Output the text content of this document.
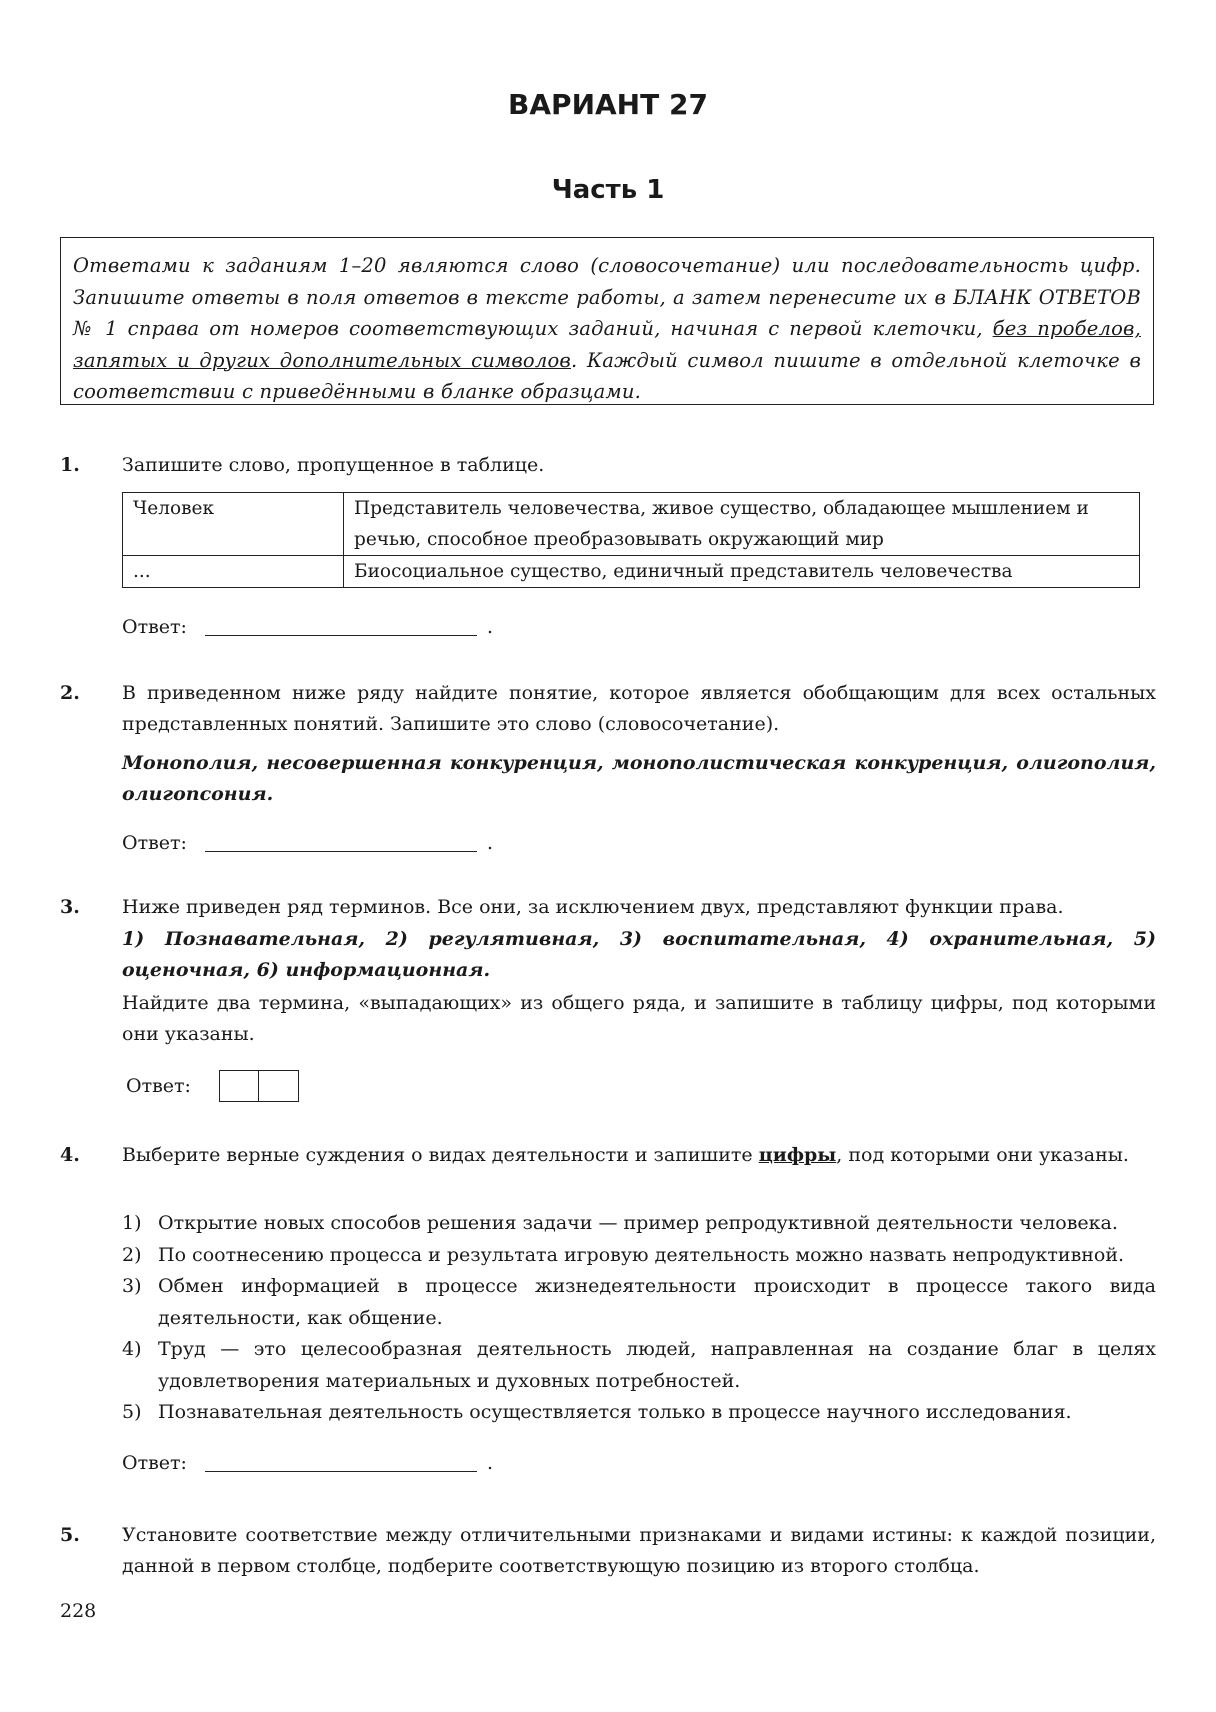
ВАРИАНТ 27
Часть 1
Ответами к заданиям 1–20 являются слово (словосочетание) или последовательность цифр. Запишите ответы в поля ответов в тексте работы, а затем перенесите их в БЛАНК ОТВЕТОВ № 1 справа от номеров соответствующих заданий, начиная с первой клеточки, без пробелов, запятых и других дополнительных символов. Каждый символ пишите в отдельной клеточке в соответствии с приведёнными в бланке образцами.
1. Запишите слово, пропущенное в таблице.
Человек	Представитель человечества, живое существо, обладающее мышлением и речью, способное преобразовывать окружающий мир
...	Биосоциальное существо, единичный представитель человечества
Ответ:	.
2. В приведенном ниже ряду найдите понятие, которое является обобщающим для всех остальных представленных понятий. Запишите это слово (словосочетание).
Монополия, несовершенная конкуренция, монополистическая конкуренция, олигополия, олигопсония.
Ответ:	.
3. Ниже приведен ряд терминов. Все они, за исключением двух, представляют функции права.
1) Познавательная, 2) регулятивная, 3) воспитательная, 4) охранительная, 5) оценочная, 6) информационная.
Найдите два термина, «выпадающих» из общего ряда, и запишите в таблицу цифры, под которыми они указаны.
Ответ:
4. Выберите верные суждения о видах деятельности и запишите цифры, под которыми они указаны.
1) Открытие новых способов решения задачи — пример репродуктивной деятельности человека.
2) По соотнесению процесса и результата игровую деятельность можно назвать непродуктивной.
3) Обмен информацией в процессе жизнедеятельности происходит в процессе такого вида деятельности, как общение.
4) Труд — это целесообразная деятельность людей, направленная на создание благ в целях удовлетворения материальных и духовных потребностей.
5) Познавательная деятельность осуществляется только в процессе научного исследования.
Ответ:	.
5. Установите соответствие между отличительными признаками и видами истины: к каждой позиции, данной в первом столбце, подберите соответствующую позицию из второго столбца.
228
